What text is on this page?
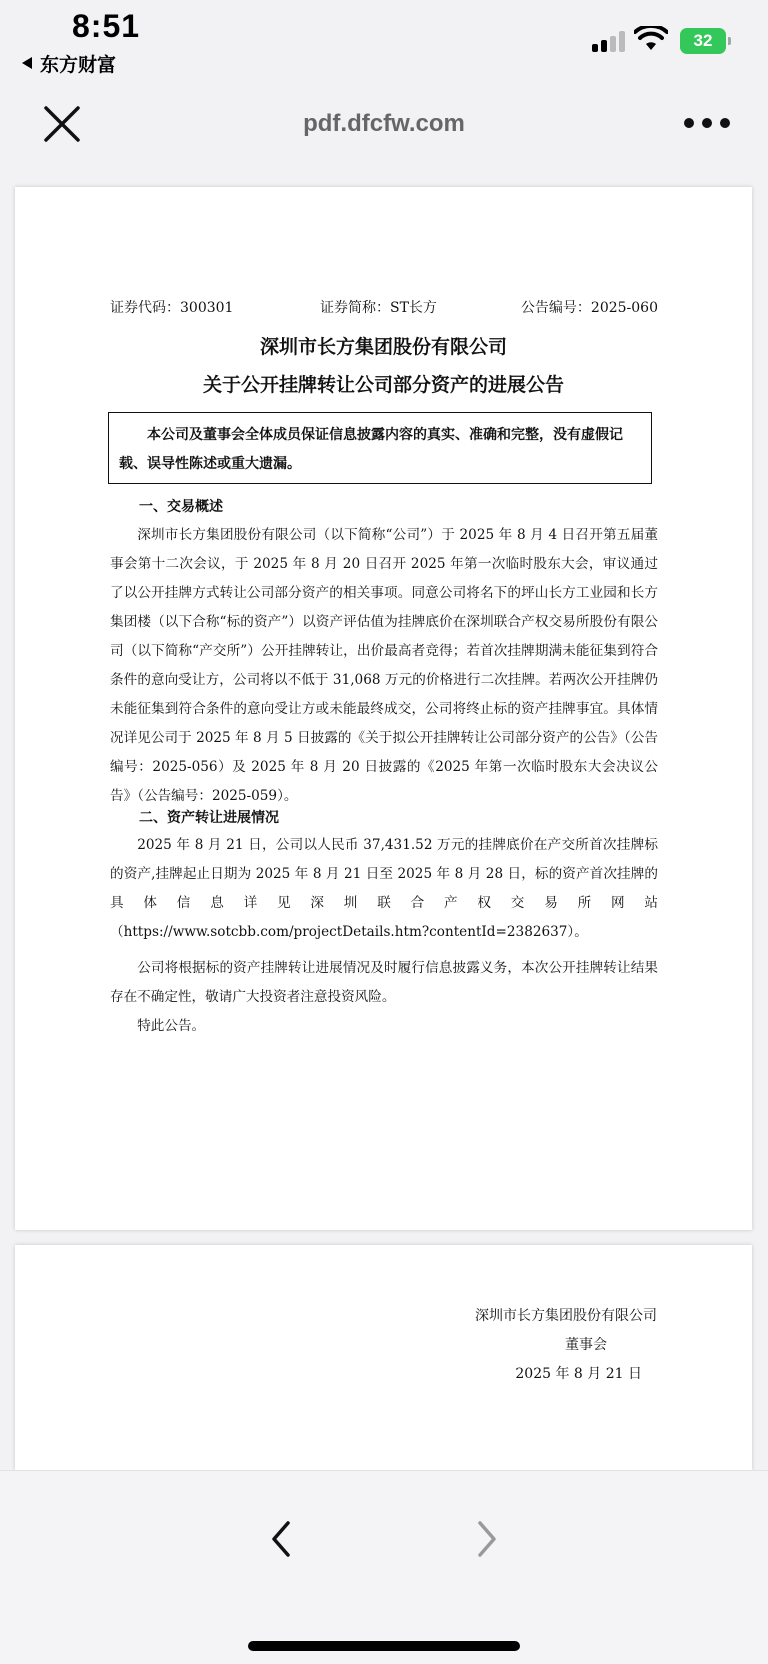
8:51
东方财富
32
pdf.dfcfw.com
证券代码：300301	证券简称：ST长方	公告编号：2025-060
深圳市长方集团股份有限公司
关于公开挂牌转让公司部分资产的进展公告
本公司及董事会全体成员保证信息披露内容的真实、准确和完整，没有虚假记载、误导性陈述或重大遗漏。
一、交易概述

深圳市长方集团股份有限公司（以下简称“公司”）于 2025 年 8 月 4 日召开第五届董事会第十二次会议，于 2025 年 8 月 20 日召开 2025 年第一次临时股东大会，审议通过了以公开挂牌方式转让公司部分资产的相关事项。同意公司将名下的坪山长方工业园和长方集团楼（以下合称“标的资产”）以资产评估值为挂牌底价在深圳联合产权交易所股份有限公司（以下简称“产交所”）公开挂牌转让，出价最高者竞得；若首次挂牌期满未能征集到符合条件的意向受让方，公司将以不低于 31,068 万元的价格进行二次挂牌。若两次公开挂牌仍未能征集到符合条件的意向受让方或未能最终成交，公司将终止标的资产挂牌事宜。具体情况详见公司于 2025 年 8 月 5 日披露的《关于拟公开挂牌转让公司部分资产的公告》（公告编号：2025-056）及 2025 年 8 月 20 日披露的《2025 年第一次临时股东大会决议公告》（公告编号：2025-059）。

二、资产转让进展情况

2025 年 8 月 21 日，公司以人民币 37,431.52 万元的挂牌底价在产交所首次挂牌标的资产,挂牌起止日期为 2025 年 8 月 21 日至 2025 年 8 月 28 日，标的资产首次挂牌的具体信息详见深圳联合产权交易所网站

（https://www.sotcbb.com/projectDetails.htm?contentId=2382637）。

公司将根据标的资产挂牌转让进展情况及时履行信息披露义务，本次公开挂牌转让结果存在不确定性，敬请广大投资者注意投资风险。

特此公告。

深圳市长方集团股份有限公司
董事会
2025 年 8 月 21 日
